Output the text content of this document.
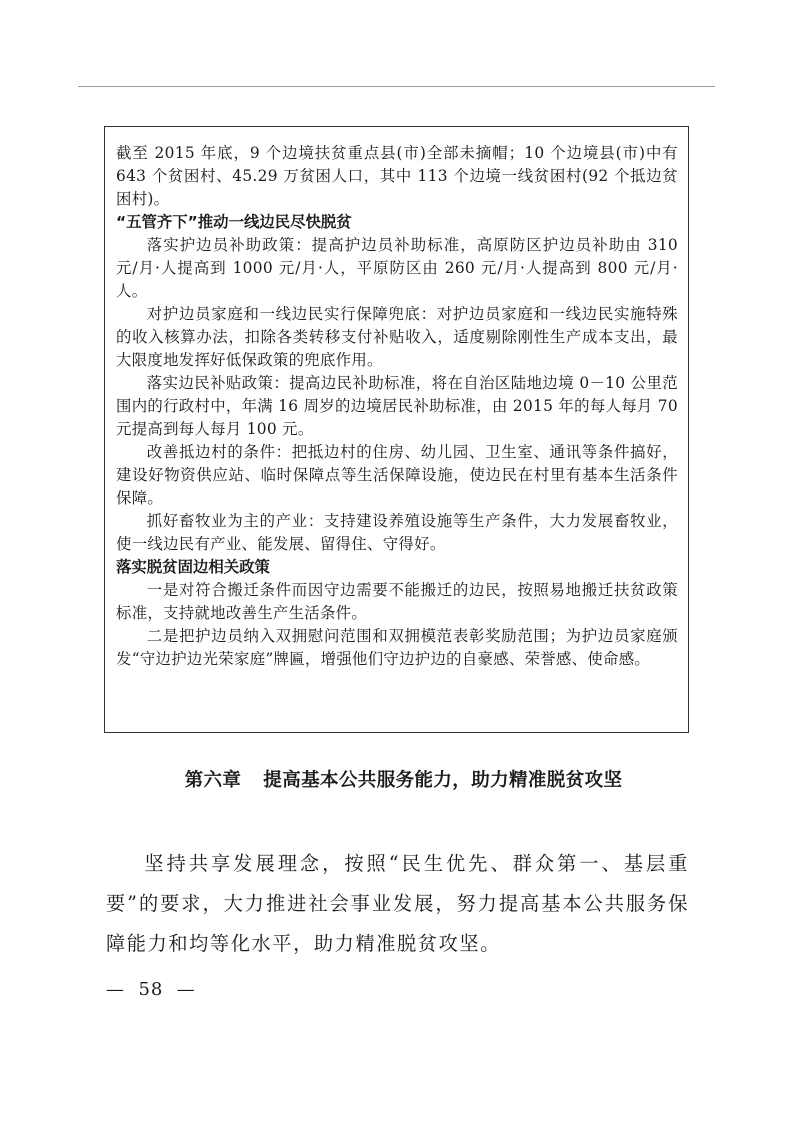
截至 2015 年底，9 个边境扶贫重点县(市)全部未摘帽；10 个边境县(市)中有 643 个贫困村、45.29 万贫困人口，其中 113 个边境一线贫困村(92 个抵边贫困村)。

“五管齐下”推动一线边民尽快脱贫

落实护边员补助政策：提高护边员补助标准，高原防区护边员补助由 310 元/月·人提高到 1000 元/月·人，平原防区由 260 元/月·人提高到 800 元/月·人。

对护边员家庭和一线边民实行保障兜底：对护边员家庭和一线边民实施特殊的收入核算办法，扣除各类转移支付补贴收入，适度剔除刚性生产成本支出，最大限度地发挥好低保政策的兜底作用。

落实边民补贴政策：提高边民补助标准，将在自治区陆地边境 0－10 公里范围内的行政村中，年满 16 周岁的边境居民补助标准，由 2015 年的每人每月 70 元提高到每人每月 100 元。

改善抵边村的条件：把抵边村的住房、幼儿园、卫生室、通讯等条件搞好，建设好物资供应站、临时保障点等生活保障设施，使边民在村里有基本生活条件保障。

抓好畜牧业为主的产业：支持建设养殖设施等生产条件，大力发展畜牧业，使一线边民有产业、能发展、留得住、守得好。

落实脱贫固边相关政策

一是对符合搬迁条件而因守边需要不能搬迁的边民，按照易地搬迁扶贫政策标准，支持就地改善生产生活条件。

二是把护边员纳入双拥慰问范围和双拥模范表彰奖励范围；为护边员家庭颁发“守边护边光荣家庭”牌匾，增强他们守边护边的自豪感、荣誉感、使命感。

第六章 提高基本公共服务能力，助力精准脱贫攻坚

坚持共享发展理念，按照“民生优先、群众第一、基层重要”的要求，大力推进社会事业发展，努力提高基本公共服务保障能力和均等化水平，助力精准脱贫攻坚。

—  58  —
